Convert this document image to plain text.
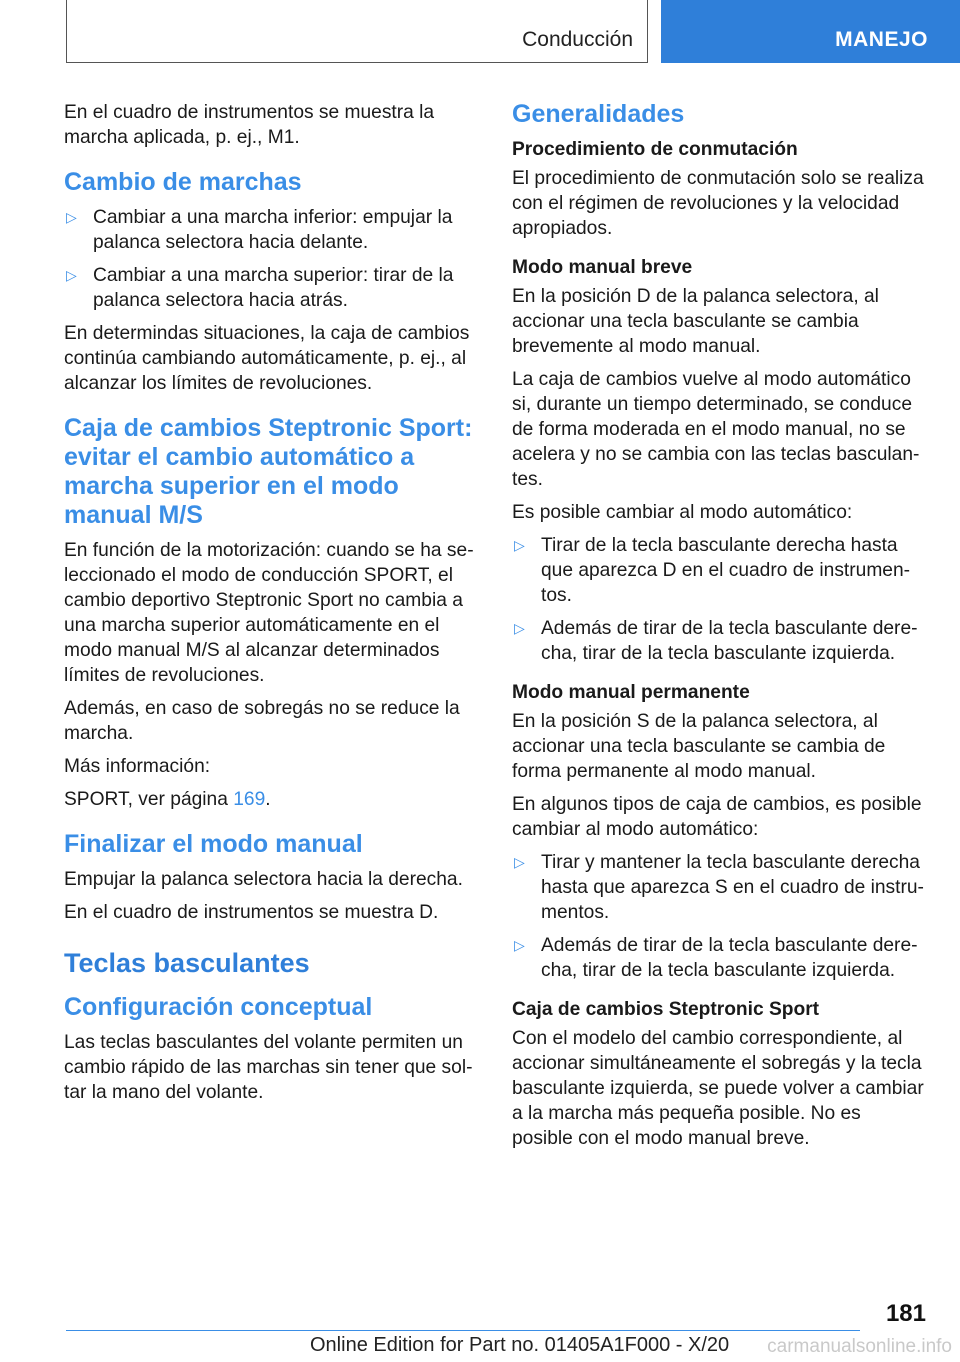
Conducción	MANEJO

En el cuadro de instrumentos se muestra la marcha aplicada, p. ej., M1.

Cambio de marchas
▷ Cambiar a una marcha inferior: empujar la palanca selectora hacia delante.
▷ Cambiar a una marcha superior: tirar de la palanca selectora hacia atrás.

En determindas situaciones, la caja de cambios continúa cambiando automáticamente, p. ej., al alcanzar los límites de revoluciones.

Caja de cambios Steptronic Sport: evitar el cambio automático a marcha superior en el modo manual M/S

En función de la motorización: cuando se ha seleccionado el modo de conducción SPORT, el cambio deportivo Steptronic Sport no cambia a una marcha superior automáticamente en el modo manual M/S al alcanzar determinados límites de revoluciones.

Además, en caso de sobregás no se reduce la marcha.

Más información:

SPORT, ver página 169.

Finalizar el modo manual

Empujar la palanca selectora hacia la derecha.

En el cuadro de instrumentos se muestra D.

Teclas basculantes
Configuración conceptual

Las teclas basculantes del volante permiten un cambio rápido de las marchas sin tener que soltar la mano del volante.

Generalidades
Procedimiento de conmutación

El procedimiento de conmutación solo se realiza con el régimen de revoluciones y la velocidad apropiados.

Modo manual breve

En la posición D de la palanca selectora, al accionar una tecla basculante se cambia brevemente al modo manual.

La caja de cambios vuelve al modo automático si, durante un tiempo determinado, se conduce de forma moderada en el modo manual, no se acelera y no se cambia con las teclas basculantes.

Es posible cambiar al modo automático:

▷ Tirar de la tecla basculante derecha hasta que aparezca D en el cuadro de instrumentos.
▷ Además de tirar de la tecla basculante derecha, tirar de la tecla basculante izquierda.
Modo manual permanente

En la posición S de la palanca selectora, al accionar una tecla basculante se cambia de forma permanente al modo manual.

En algunos tipos de caja de cambios, es posible cambiar al modo automático:

▷ Tirar y mantener la tecla basculante derecha hasta que aparezca S en el cuadro de instrumentos.
▷ Además de tirar de la tecla basculante derecha, tirar de la tecla basculante izquierda.
Caja de cambios Steptronic Sport

Con el modelo del cambio correspondiente, al accionar simultáneamente el sobregás y la tecla basculante izquierda, se puede volver a cambiar a la marcha más pequeña posible. No es posible con el modo manual breve.

181
Online Edition for Part no. 01405A1F000 - X/20 carmanualsonline.info
